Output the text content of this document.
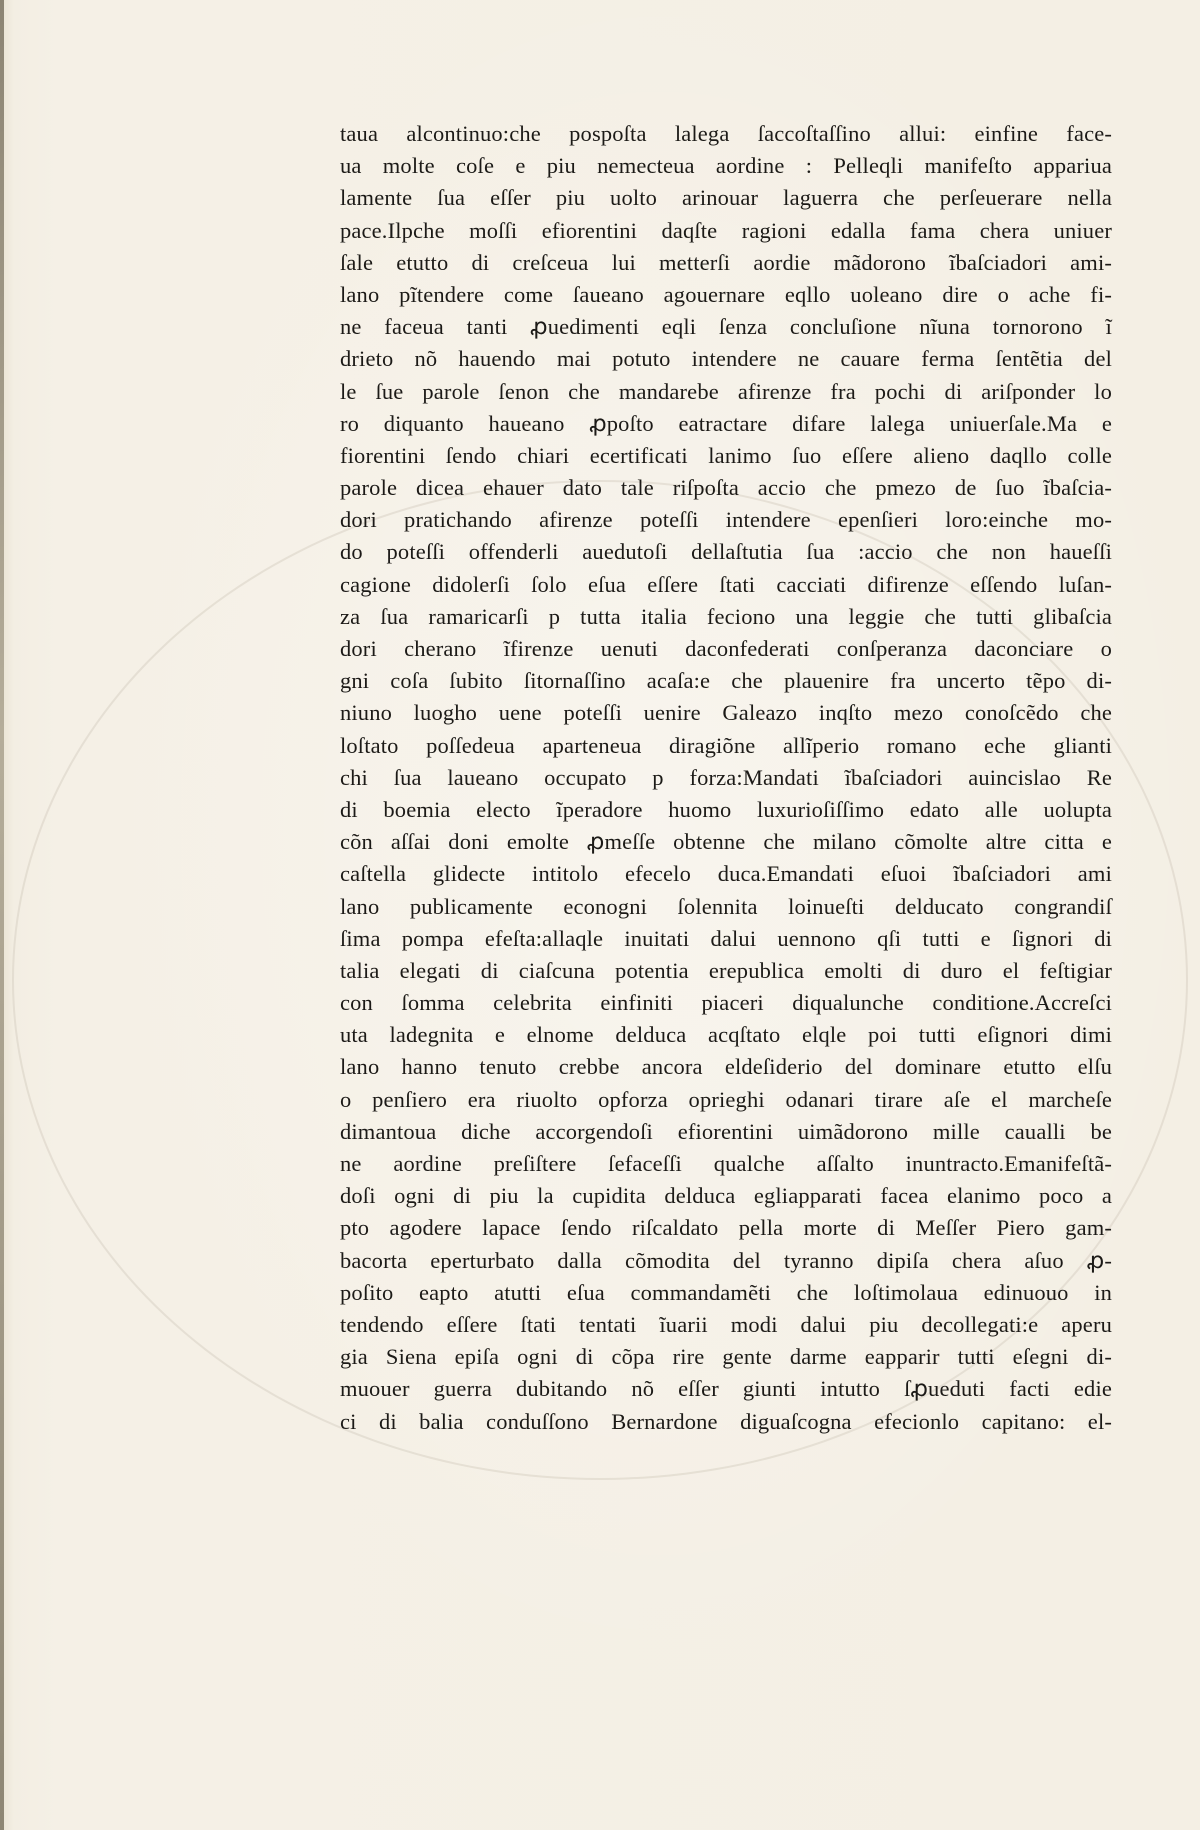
taua alcontinuo:che pospoſta lalega ſaccoſtaſſino allui: einfine face-
ua molte coſe e piu nemectеua aordine : Pelleqli manifeſto appariua
lamente ſua eſſer piu uolto arinouar laguerra che perſeuerare nella
pace.Ilpche moſſi efiorentini daqſte ragioni edalla fama chera uniuer
ſale etutto di creſceua lui metterſi aordie mãdorono ĩbaſciadori ami-
lano pĩtendere come ſaueano agouernare eqllo uoleano dire o ache fi-
ne faceua tanti ꝓuedimenti eqli ſenza concluſione nĩuna tornorono ĩ
drieto nõ hauendo mai potuto intendere ne cauare ferma ſentẽtia del
le ſue parole ſenon che mandarebe afirenze fra pochi di ariſponder lo
ro diquanto haueano ꝓpoſto eatractare difare lalega uniuerſale.Ma e
fiorentini ſendo chiari ecertificati lanimo ſuo eſſere alieno daqllo colle
parole dicea ehauer dato tale riſpoſta accio che pmezo de ſuo ĩbaſcia-
dori pratichando afirenze poteſſi intendere epenſieri loro:einche mo-
do poteſſi offenderli auedutoſi dellaſtutia ſua :accio che non haueſſi
cagione didolerſi ſolo eſua eſſere ſtati cacciati difirenze eſſendo luſan-
za ſua ramaricarſi p tutta italia feciono una leggie che tutti glibaſcia
dori cherano ĩfirenze uenuti daconfederati conſperanza daconciare o
gni coſa ſubito ſitornaſſino acaſa:e che plauenire fra uncerto tẽpo di-
niuno luogho uene poteſſi uenire Galeazo inqſto mezo conoſcẽdo che
loſtato poſſedeua aparteneua diragiõne allĩperio romano eche glianti
chi ſua laueano occupato p forza:Mandati ĩbaſciadori auincislao Re
di boemia electo ĩperadore huomo luxurioſiſſimo edato alle uolupta
cõn aſſai doni emolte ꝓmeſſe obtenne che milano cõmolte altre citta e
caſtella glidecte intitolo efecelo duca.Emandati eſuoi ĩbaſciadori ami
lano publicamente econogni ſolennita loinueſti delducato congrandiſ
ſima pompa efeſta:allaqle inuitati dalui uennono qſi tutti e ſignori di
talia elegati di ciaſcuna potentia erepublica emolti di duro el feſtigiar
con ſomma celebrita einfiniti piaceri diqualunche conditione.Accreſci
uta ladegnita e elnome delduca acqſtato elqle poi tutti eſignori dimi
lano hanno tenuto crebbe ancora eldeſiderio del dominare etutto elſu
o penſiero era riuolto opforza oprieghi odanari tirare aſe el marcheſe
dimantoua diche accorgendoſi efiorentini uimãdorono mille caualli be
ne aordine preſiſtere ſefaceſſi qualche aſſalto inuntracto.Emanifeſtã-
doſi ogni di piu la cupidita delduca egliapparati facea elanimo poco a
pto agodere lapace ſendo riſcaldato pella morte di Meſſer Piero gam-
bacorta eperturbato dalla cõmodita del tyranno dipiſa chera aſuo ꝓ-
poſito eapto atutti eſua commandamẽti che loſtimolaua edinuouo in
tendendo eſſere ſtati tentati ĩuarii modi dalui piu decollegati:e aperu
gia Siena epiſa ogni di cõpa rire gente darme eapparir tutti eſegni di-
muouer guerra dubitando nõ eſſer giunti intutto ſꝓueduti facti edie
ci di balia conduſſono Bernardone diguaſcogna efecionlo capitano: el-
